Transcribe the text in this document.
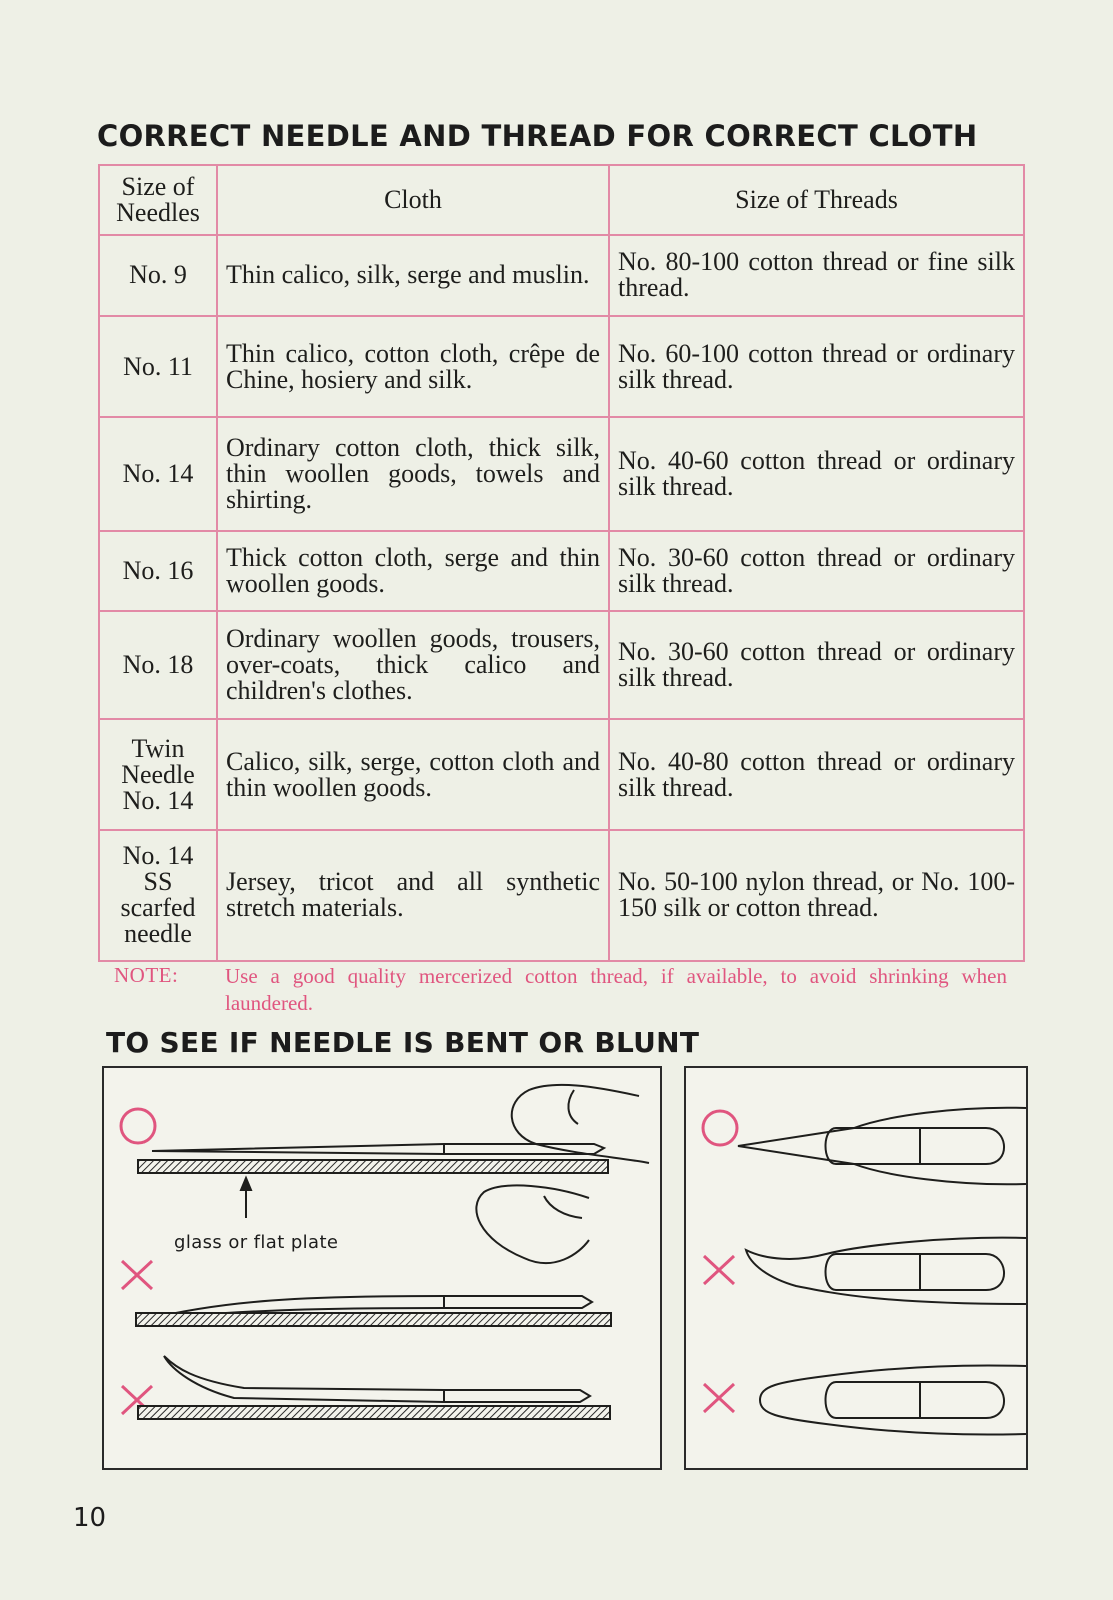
CORRECT NEEDLE AND THREAD FOR CORRECT CLOTH
Size of
Needles	Cloth	Size of Threads
No. 9	Thin calico, silk, serge and muslin.	No. 80-100 cotton thread or fine silk thread.
No. 11	Thin calico, cotton cloth, crêpe de Chine, hosiery and silk.	No. 60-100 cotton thread or ordinary silk thread.
No. 14	Ordinary cotton cloth, thick silk, thin woollen goods, towels and shirting.	No. 40-60 cotton thread or ordinary silk thread.
No. 16	Thick cotton cloth, serge and thin woollen goods.	No. 30-60 cotton thread or ordinary silk thread.
No. 18	Ordinary woollen goods, trousers, over-coats, thick calico and children's clothes.	No. 30-60 cotton thread or ordinary silk thread.
Twin
Needle
No. 14	Calico, silk, serge, cotton cloth and thin woollen goods.	No. 40-80 cotton thread or ordinary silk thread.
No. 14
SS
scarfed
needle	Jersey, tricot and all synthetic stretch materials.	No. 50-100 nylon thread, or No. 100-150 silk or cotton thread.
NOTE: Use a good quality mercerized cotton thread, if available, to avoid shrinking when laundered.
TO SEE IF NEEDLE IS BENT OR BLUNT
glass or flat plate
10
